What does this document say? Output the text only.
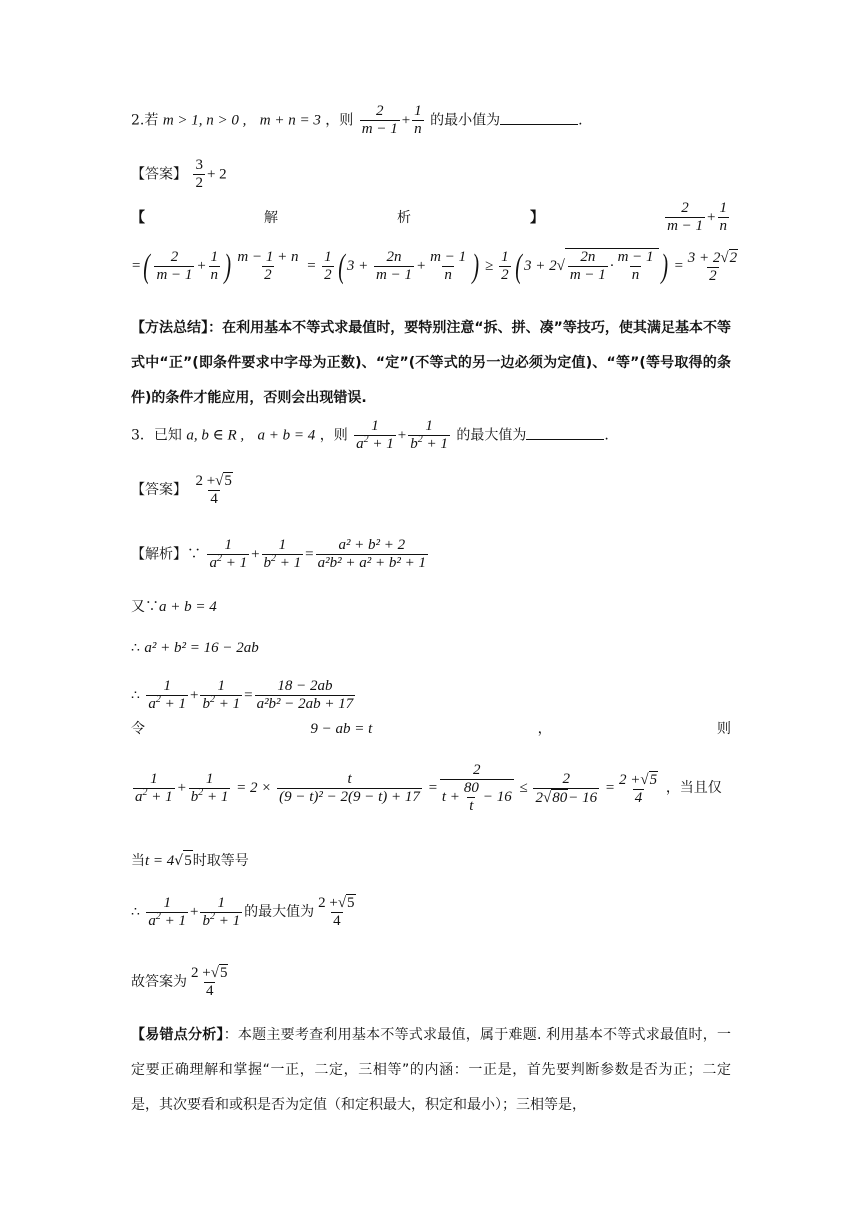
2.若 m > 1, n > 0 , m + n = 3 ，则 $\frac{2}{m - 1} + \frac{1}{n}$ 的最小值为	.
【答案】 $\frac{3}{2} + 2$
【	解	析	】	$\frac{2}{m - 1} + \frac{1}{n}$
=( $\frac{2}{m - 1} + \frac{1}{n}$ ) $\frac{m - 1 + n}{2} = \frac{1}{2}$ ( $3 + \frac{2n}{m - 1} + \frac{m - 1}{n}$ ) ≥ $\frac{1}{2}$ ( $3 + 2√ \frac{2n}{m - 1} \cdot \frac{m - 1}{n}$ ) = $\frac{3 + 2√2}{2}$
【方法总结】：在利用基本不等式求最值时，要特别注意“拆、拼、凑”等技巧，使其满足基本不等式中“正”(即条件要求中字母为正数)、“定”(不等式的另一边必须为定值)、“等”(等号取得的条件)的条件才能应用，否则会出现错误.
3．已知 a, b ∈ R , a + b = 4 ，则 $\frac{1}{a^2 + 1} + \frac{1}{b^2 + 1}$ 的最大值为	.
【答案】 $\frac{2 +√5}{4}$
【解析】∵ $\frac{1}{a^2 + 1} + \frac{1}{b^2 + 1} = \frac{\text{a² + b² + 2}}{\text{a²b² + a² + b² + 1}}$
又∵a + b = 4
∴ a² + b² = 16 − 2ab
∴ $\frac{1}{a^2 + 1} + \frac{1}{b^2 + 1} = \frac{18 - 2ab}{\text{a²b² − 2ab + 17}}$
令	9 − ab = t	，	则
$\frac{1}{a^2 + 1} + \frac{1}{b^2 + 1} = 2 \times \frac{t}{\text{(9 − t)² − 2(9 − t) + 17}} = \frac{2}{t + \frac{80}{t} - 16} \le \frac{2}{2√80- 16} = \frac{2 +√5}{4}$ ，当且仅
当t = 4√5时取等号
∴ $\frac{1}{a^2 + 1} + \frac{1}{b^2 + 1}$ 的最大值为 $\frac{2 +√5}{4}$
故答案为 $\frac{2 +√5}{4}$
【易错点分析】：本题主要考查利用基本不等式求最值，属于难题. 利用基本不等式求最值时，一定要正确理解和掌握“一正，二定，三相等”的内涵：一正是，首先要判断参数是否为正；二定是，其次要看和或积是否为定值（和定积最大，积定和最小）；三相等是，
